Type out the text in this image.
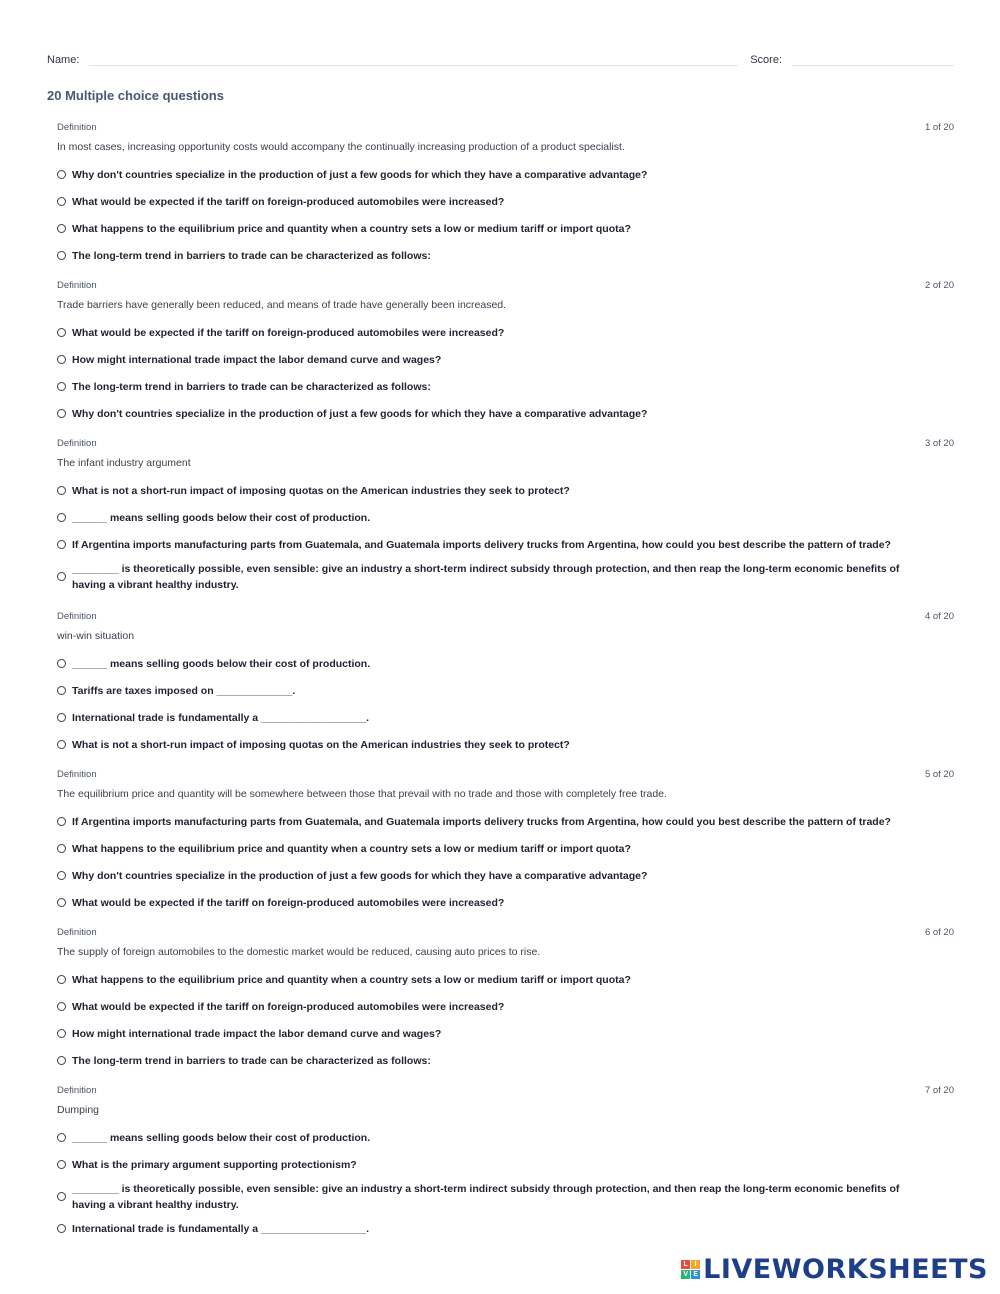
Name:	Score:
20 Multiple choice questions
Definition	1 of 20
In most cases, increasing opportunity costs would accompany the continually increasing production of a product specialist.
Why don't countries specialize in the production of just a few goods for which they have a comparative advantage?
What would be expected if the tariff on foreign-produced automobiles were increased?
What happens to the equilibrium price and quantity when a country sets a low or medium tariff or import quota?
The long-term trend in barriers to trade can be characterized as follows:
Definition	2 of 20
Trade barriers have generally been reduced, and means of trade have generally been increased.
What would be expected if the tariff on foreign-produced automobiles were increased?
How might international trade impact the labor demand curve and wages?
The long-term trend in barriers to trade can be characterized as follows:
Why don't countries specialize in the production of just a few goods for which they have a comparative advantage?
Definition	3 of 20
The infant industry argument
What is not a short-run impact of imposing quotas on the American industries they seek to protect?
______ means selling goods below their cost of production.
If Argentina imports manufacturing parts from Guatemala, and Guatemala imports delivery trucks from Argentina, how could you best describe the pattern of trade?
________ is theoretically possible, even sensible: give an industry a short-term indirect subsidy through protection, and then reap the long-term economic benefits of having a vibrant healthy industry.
Definition	4 of 20
win-win situation
______ means selling goods below their cost of production.
Tariffs are taxes imposed on _____________.
International trade is fundamentally a __________________.
What is not a short-run impact of imposing quotas on the American industries they seek to protect?
Definition	5 of 20
The equilibrium price and quantity will be somewhere between those that prevail with no trade and those with completely free trade.
If Argentina imports manufacturing parts from Guatemala, and Guatemala imports delivery trucks from Argentina, how could you best describe the pattern of trade?
What happens to the equilibrium price and quantity when a country sets a low or medium tariff or import quota?
Why don't countries specialize in the production of just a few goods for which they have a comparative advantage?
What would be expected if the tariff on foreign-produced automobiles were increased?
Definition	6 of 20
The supply of foreign automobiles to the domestic market would be reduced, causing auto prices to rise.
What happens to the equilibrium price and quantity when a country sets a low or medium tariff or import quota?
What would be expected if the tariff on foreign-produced automobiles were increased?
How might international trade impact the labor demand curve and wages?
The long-term trend in barriers to trade can be characterized as follows:
Definition	7 of 20
Dumping
______ means selling goods below their cost of production.
What is the primary argument supporting protectionism?
________ is theoretically possible, even sensible: give an industry a short-term indirect subsidy through protection, and then reap the long-term economic benefits of having a vibrant healthy industry.
International trade is fundamentally a __________________.
L I
V E LIVEWORKSHEETS
